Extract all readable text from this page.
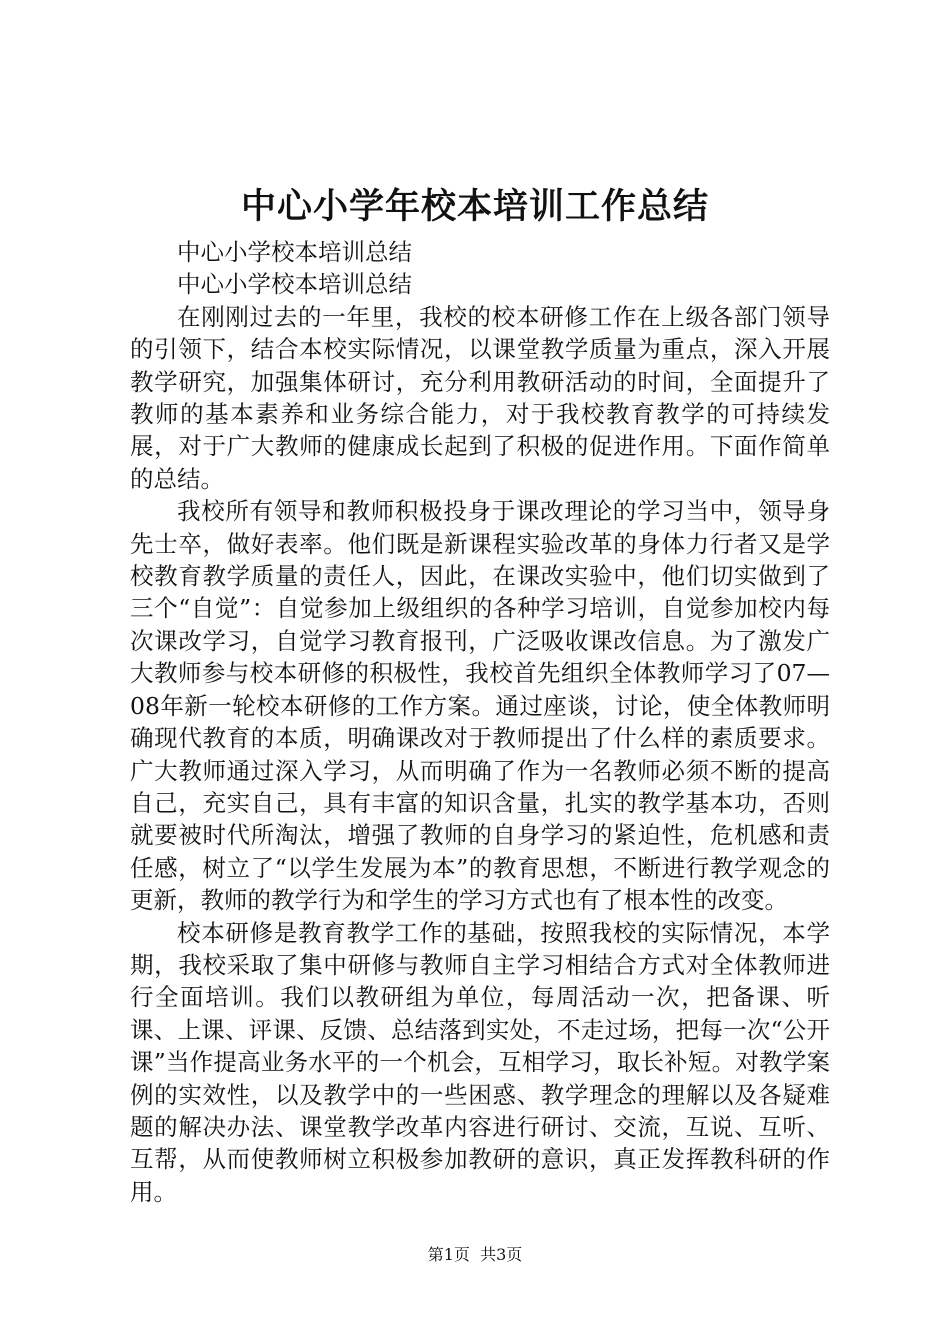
中心小学年校本培训工作总结

中心小学校本培训总结

中心小学校本培训总结

在刚刚过去的一年里，我校的校本研修工作在上级各部门领导的引领下，结合本校实际情况，以课堂教学质量为重点，深入开展教学研究，加强集体研讨，充分利用教研活动的时间，全面提升了教师的基本素养和业务综合能力，对于我校教育教学的可持续发展，对于广大教师的健康成长起到了积极的促进作用。下面作简单的总结。

我校所有领导和教师积极投身于课改理论的学习当中，领导身先士卒，做好表率。他们既是新课程实验改革的身体力行者又是学校教育教学质量的责任人，因此，在课改实验中，他们切实做到了三个“自觉”：自觉参加上级组织的各种学习培训，自觉参加校内每次课改学习，自觉学习教育报刊，广泛吸收课改信息。为了激发广大教师参与校本研修的积极性，我校首先组织全体教师学习了07—08年新一轮校本研修的工作方案。通过座谈，讨论，使全体教师明确现代教育的本质，明确课改对于教师提出了什么样的素质要求。广大教师通过深入学习，从而明确了作为一名教师必须不断的提高自己，充实自己，具有丰富的知识含量，扎实的教学基本功，否则就要被时代所淘汰，增强了教师的自身学习的紧迫性，危机感和责任感，树立了“以学生发展为本”的教育思想，不断进行教学观念的更新，教师的教学行为和学生的学习方式也有了根本性的改变。

校本研修是教育教学工作的基础，按照我校的实际情况，本学期，我校采取了集中研修与教师自主学习相结合方式对全体教师进行全面培训。我们以教研组为单位，每周活动一次，把备课、听课、上课、评课、反馈、总结落到实处，不走过场，把每一次“公开课”当作提高业务水平的一个机会，互相学习，取长补短。对教学案例的实效性，以及教学中的一些困惑、教学理念的理解以及各疑难题的解决办法、课堂教学改革内容进行研讨、交流，互说、互听、互帮，从而使教师树立积极参加教研的意识，真正发挥教科研的作用。

第1页  共3页
